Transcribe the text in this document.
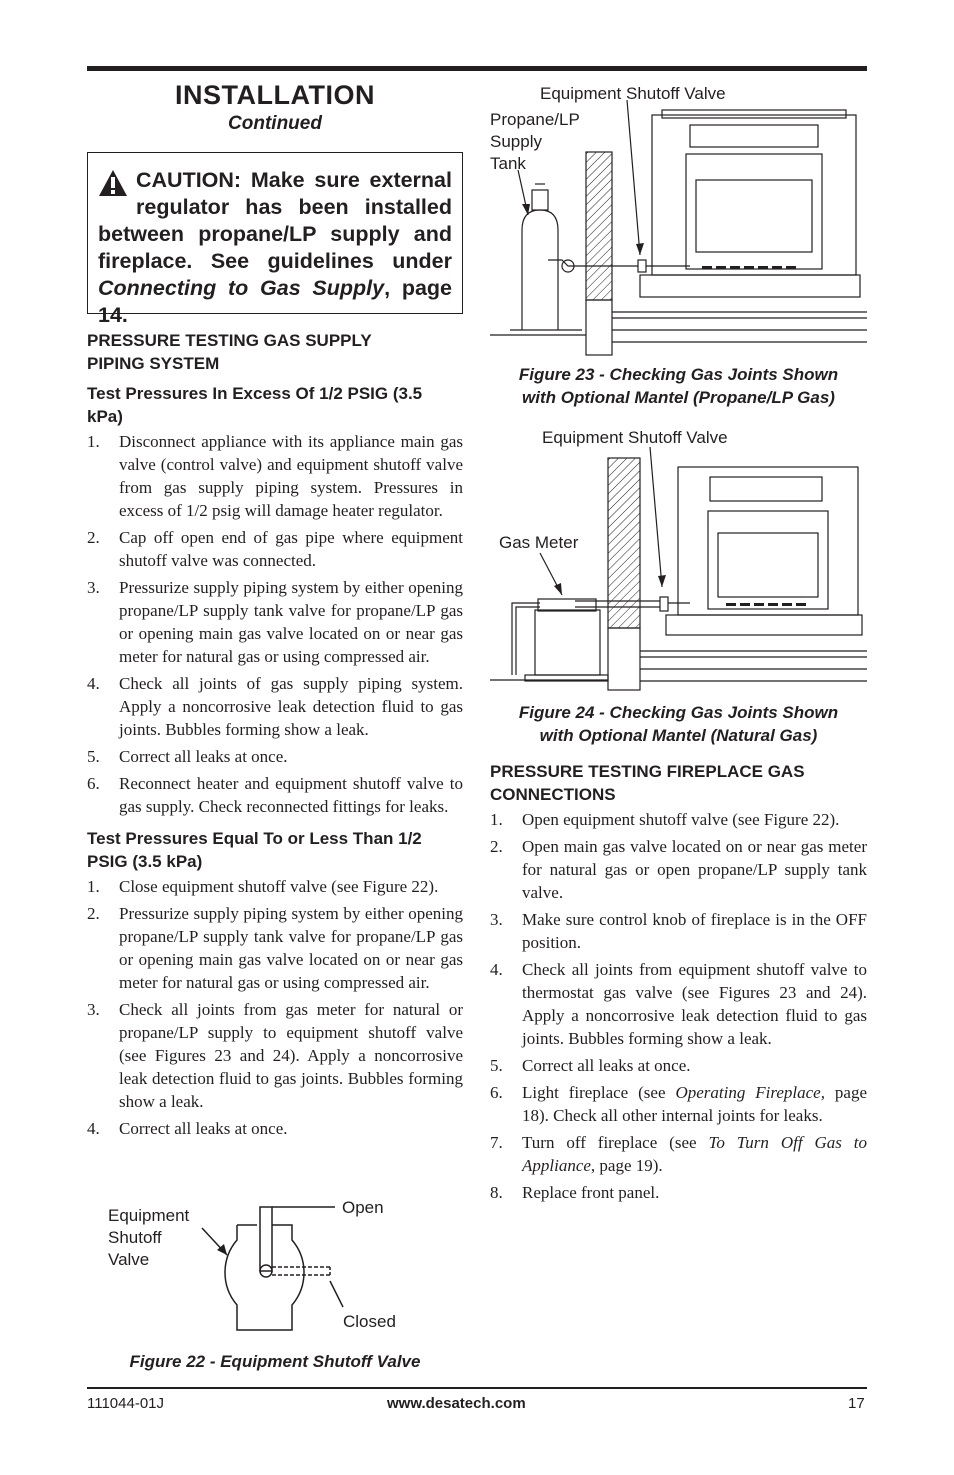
INSTALLATION
Continued
CAUTION: Make sure external regulator has been installed between propane/LP supply and fireplace. See guidelines under Connecting to Gas Supply, page 14.
PRESSURE TESTING GAS SUPPLY PIPING SYSTEM
Test Pressures In Excess Of 1/2 PSIG (3.5 kPa)
1. Disconnect appliance with its appliance main gas valve (control valve) and equipment shutoff valve from gas supply piping system. Pressures in excess of 1/2 psig will damage heater regulator.
2. Cap off open end of gas pipe where equipment shutoff valve was connected.
3. Pressurize supply piping system by either opening propane/LP supply tank valve for propane/LP gas or opening main gas valve located on or near gas meter for natural gas or using compressed air.
4. Check all joints of gas supply piping system. Apply a noncorrosive leak detection fluid to gas joints. Bubbles forming show a leak.
5. Correct all leaks at once.
6. Reconnect heater and equipment shutoff valve to gas supply. Check reconnected fittings for leaks.
Test Pressures Equal To or Less Than 1/2 PSIG (3.5 kPa)
1. Close equipment shutoff valve (see Figure 22).
2. Pressurize supply piping system by either opening propane/LP supply tank valve for propane/LP gas or opening main gas valve located on or near gas meter for natural gas or using compressed air.
3. Check all joints from gas meter for natural or propane/LP supply to equipment shutoff valve (see Figures 23 and 24). Apply a noncorrosive leak detection fluid to gas joints. Bubbles forming show a leak.
4. Correct all leaks at once.
Equipment
Shutoff
Valve
Open
Closed
Figure 22 - Equipment Shutoff Valve
Equipment Shutoff Valve
Propane/LP
Supply
Tank
Figure 23 - Checking Gas Joints Shown
with Optional Mantel (Propane/LP Gas)
Equipment Shutoff Valve
Gas Meter
Figure 24 - Checking Gas Joints Shown
with Optional Mantel (Natural Gas)
PRESSURE TESTING FIREPLACE GAS CONNECTIONS
1. Open equipment shutoff valve (see Figure 22).
2. Open main gas valve located on or near gas meter for natural gas or open propane/LP supply tank valve.
3. Make sure control knob of fireplace is in the OFF position.
4. Check all joints from equipment shutoff valve to thermostat gas valve (see Figures 23 and 24). Apply a noncorrosive leak detection fluid to gas joints. Bubbles forming show a leak.
5. Correct all leaks at once.
6. Light fireplace (see Operating Fireplace, page 18). Check all other internal joints for leaks.
7. Turn off fireplace (see To Turn Off Gas to Appliance, page 19).
8. Replace front panel.
111044-01J	www.desatech.com	17
